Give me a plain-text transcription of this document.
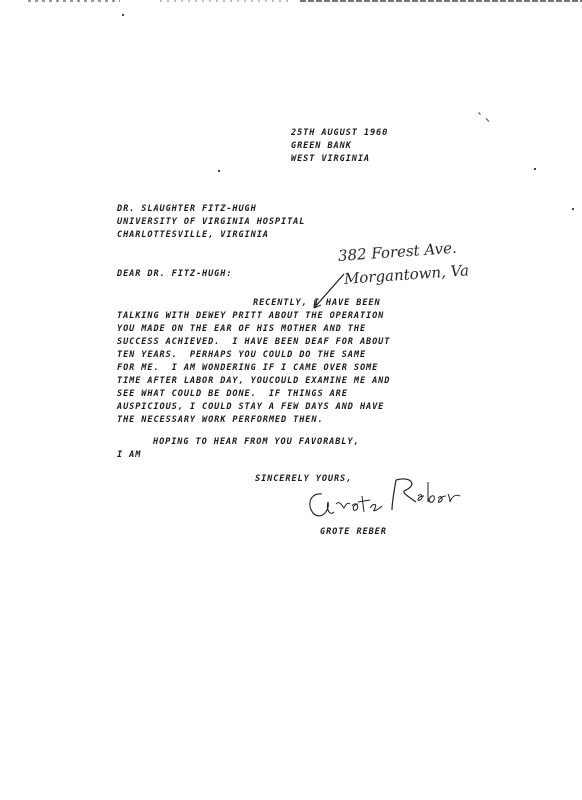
25TH AUGUST 1960
GREEN BANK
WEST VIRGINIA
DR. SLAUGHTER FITZ-HUGH
UNIVERSITY OF VIRGINIA HOSPITAL
CHARLOTTESVILLE, VIRGINIA
382 Forest Ave.
Morgantown, Va
DEAR DR. FITZ-HUGH:
RECENTLY, I HAVE BEEN
TALKING WITH DEWEY PRITT ABOUT THE OPERATION
YOU MADE ON THE EAR OF HIS MOTHER AND THE
SUCCESS ACHIEVED.  I HAVE BEEN DEAF FOR ABOUT
TEN YEARS.  PERHAPS YOU COULD DO THE SAME
FOR ME.  I AM WONDERING IF I CAME OVER SOME
TIME AFTER LABOR DAY, YOUCOULD EXAMINE ME AND
SEE WHAT COULD BE DONE.  IF THINGS ARE
AUSPICIOUS, I COULD STAY A FEW DAYS AND HAVE
THE NECESSARY WORK PERFORMED THEN.
HOPING TO HEAR FROM YOU FAVORABLY,
I AM
SINCERELY YOURS,
GROTE REBER
